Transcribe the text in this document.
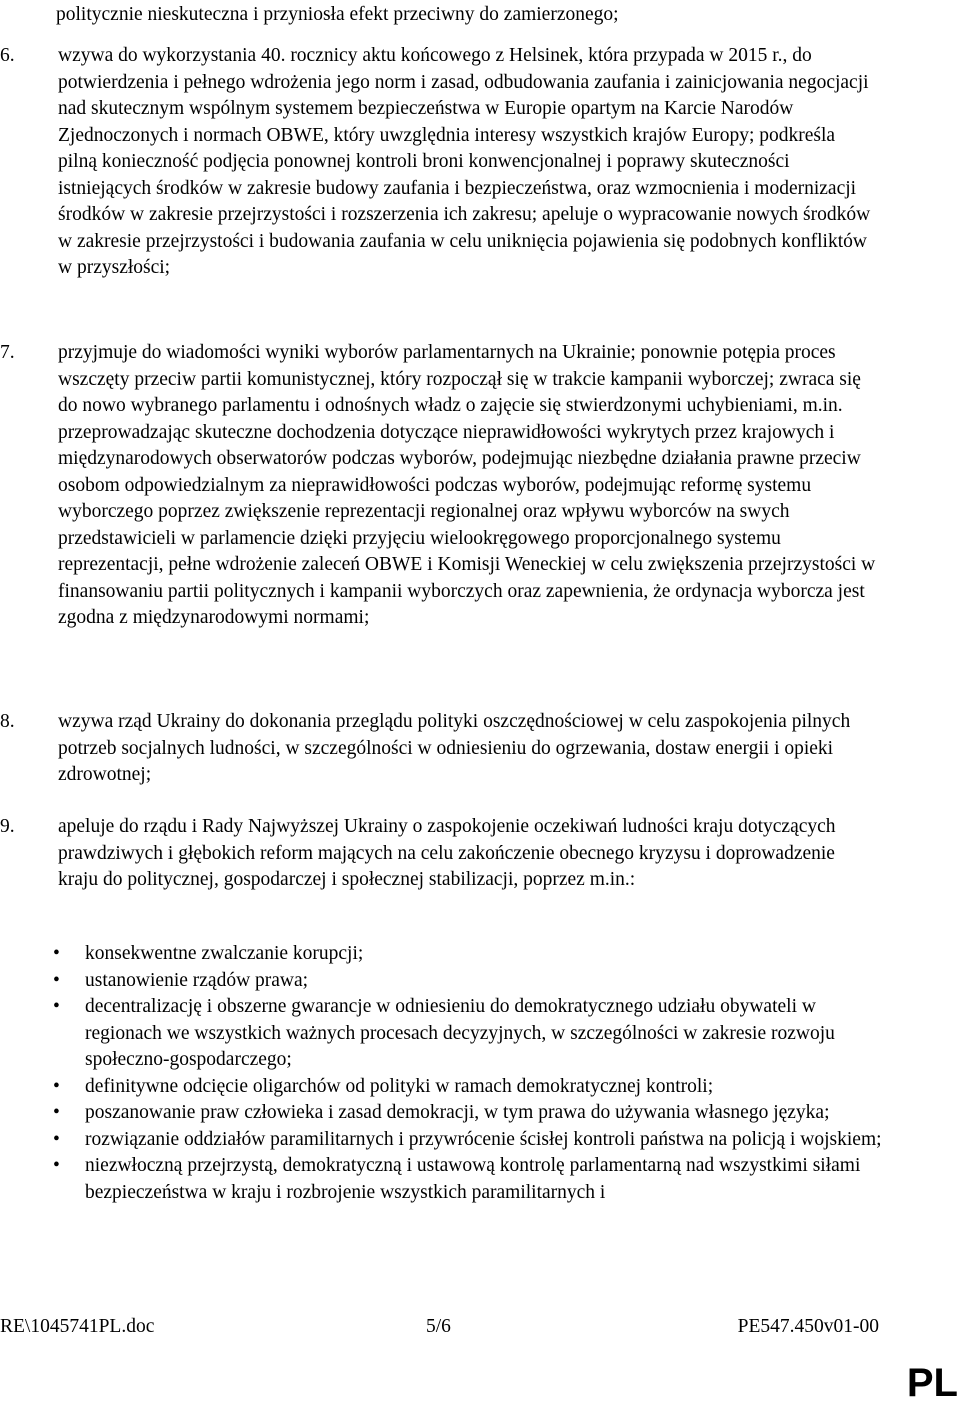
politycznie nieskuteczna i przyniosła efekt przeciwny do zamierzonego;
6. wzywa do wykorzystania 40. rocznicy aktu końcowego z Helsinek, która przypada w 2015 r., do potwierdzenia i pełnego wdrożenia jego norm i zasad, odbudowania zaufania i zainicjowania negocjacji nad skutecznym wspólnym systemem bezpieczeństwa w Europie opartym na Karcie Narodów Zjednoczonych i normach OBWE, który uwzględnia interesy wszystkich krajów Europy; podkreśla pilną konieczność podjęcia ponownej kontroli broni konwencjonalnej i poprawy skuteczności istniejących środków w zakresie budowy zaufania i bezpieczeństwa, oraz wzmocnienia i modernizacji środków w zakresie przejrzystości i rozszerzenia ich zakresu; apeluje o wypracowanie nowych środków w zakresie przejrzystości i budowania zaufania w celu uniknięcia pojawienia się podobnych konfliktów w przyszłości;
7. przyjmuje do wiadomości wyniki wyborów parlamentarnych na Ukrainie; ponownie potępia proces wszczęty przeciw partii komunistycznej, który rozpoczął się w trakcie kampanii wyborczej; zwraca się do nowo wybranego parlamentu i odnośnych władz o zajęcie się stwierdzonymi uchybieniami, m.in. przeprowadzając skuteczne dochodzenia dotyczące nieprawidłowości wykrytych przez krajowych i międzynarodowych obserwatorów podczas wyborów, podejmując niezbędne działania prawne przeciw osobom odpowiedzialnym za nieprawidłowości podczas wyborów, podejmując reformę systemu wyborczego poprzez zwiększenie reprezentacji regionalnej oraz wpływu wyborców na swych przedstawicieli w parlamencie dzięki przyjęciu wielookręgowego proporcjonalnego systemu reprezentacji, pełne wdrożenie zaleceń OBWE i Komisji Weneckiej w celu zwiększenia przejrzystości w finansowaniu partii politycznych i kampanii wyborczych oraz zapewnienia, że ordynacja wyborcza jest zgodna z międzynarodowymi normami;
8. wzywa rząd Ukrainy do dokonania przeglądu polityki oszczędnościowej w celu zaspokojenia pilnych potrzeb socjalnych ludności, w szczególności w odniesieniu do ogrzewania, dostaw energii i opieki zdrowotnej;
9. apeluje do rządu i Rady Najwyższej Ukrainy o zaspokojenie oczekiwań ludności kraju dotyczących prawdziwych i głębokich reform mających na celu zakończenie obecnego kryzysu i doprowadzenie kraju do politycznej, gospodarczej i społecznej stabilizacji, poprzez m.in.:
• konsekwentne zwalczanie korupcji;
• ustanowienie rządów prawa;
• decentralizację i obszerne gwarancje w odniesieniu do demokratycznego udziału obywateli w regionach we wszystkich ważnych procesach decyzyjnych, w szczególności w zakresie rozwoju społeczno-gospodarczego;
• definitywne odcięcie oligarchów od polityki w ramach demokratycznej kontroli;
• poszanowanie praw człowieka i zasad demokracji, w tym prawa do używania własnego języka;
• rozwiązanie oddziałów paramilitarnych i przywrócenie ścisłej kontroli państwa na policją i wojskiem;
• niezwłoczną przejrzystą, demokratyczną i ustawową kontrolę parlamentarną nad wszystkimi siłami bezpieczeństwa w kraju i rozbrojenie wszystkich paramilitarnych i
RE\1045741PL.doc	5/6	PE547.450v01-00
PL
